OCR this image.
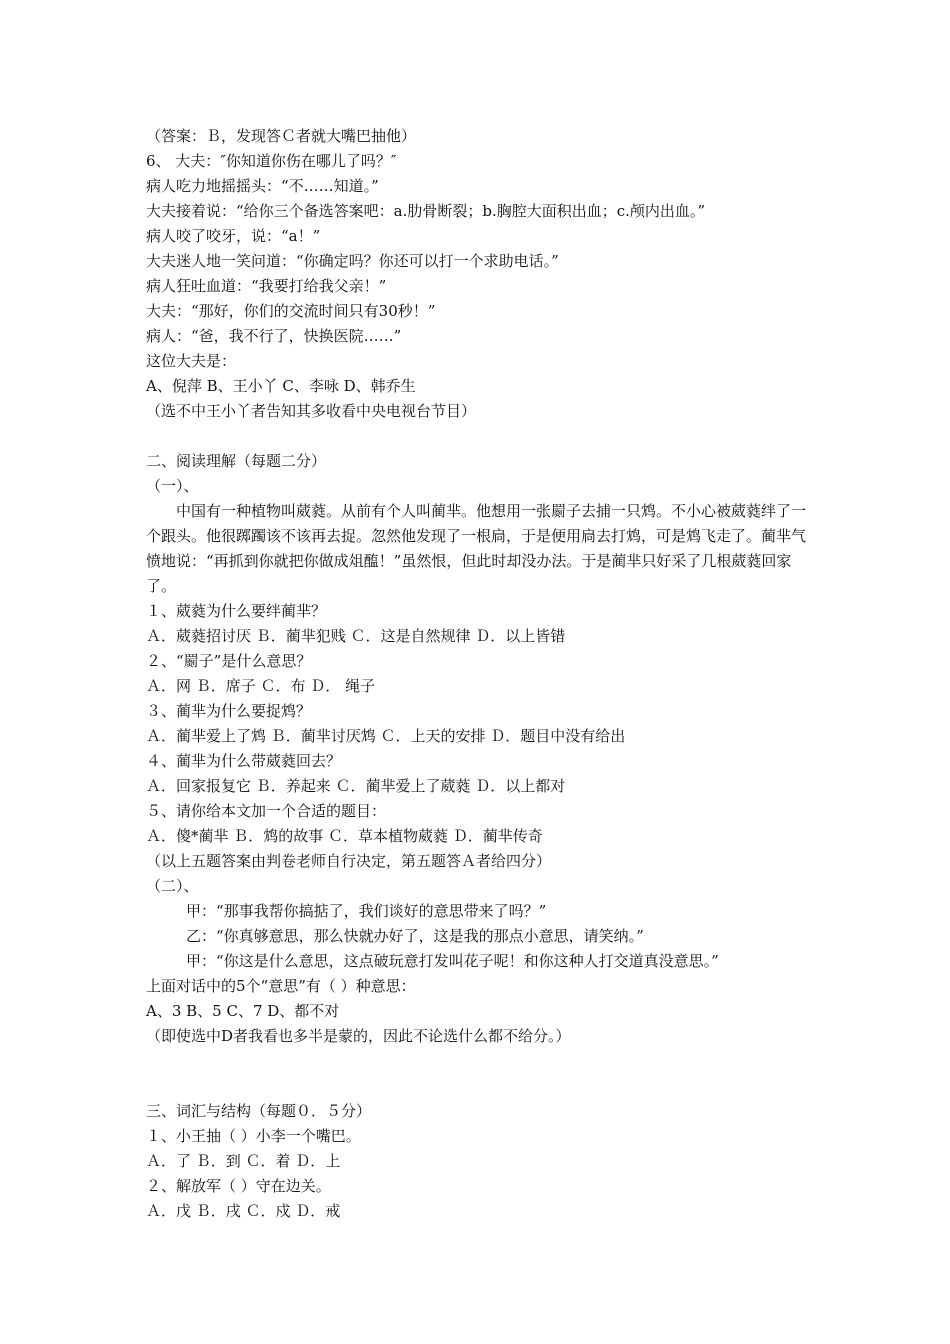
（答案：Ｂ，发现答Ｃ者就大嘴巴抽他）
6、 大夫：″你知道你伤在哪儿了吗？″
病人吃力地摇摇头：“不……知道。”
大夫接着说：“给你三个备选答案吧：a.肋骨断裂；b.胸腔大面积出血；c.颅内出血。”
病人咬了咬牙，说：“a！”
大夫迷人地一笑问道：“你确定吗？你还可以打一个求助电话。”
病人狂吐血道：“我要打给我父亲！”
大夫：“那好，你们的交流时间只有30秒！”
病人：“爸，我不行了，快换医院……”
这位大夫是：
A、倪萍 B、王小丫 C、李咏 D、韩乔生
（选不中王小丫者告知其多收看中央电视台节目）
二、阅读理解（每题二分）
（一）、
中国有一种植物叫葳蕤。从前有个人叫蔺芈。他想用一张罽子去捕一只鸩。不小心被葳蕤绊了一个跟头。他很踯躅该不该再去捉。忽然他发现了一根扃，于是便用扃去打鸩，可是鸩飞走了。蔺芈气愤地说：“再抓到你就把你做成俎醢！”虽然恨，但此时却没办法。于是蔺芈只好采了几根葳蕤回家了。
１、葳蕤为什么要绊蔺芈？
Ａ．葳蕤招讨厌 Ｂ．蔺芈犯贱 Ｃ．这是自然规律 Ｄ．以上皆错
２、“罽子”是什么意思？
Ａ．网 Ｂ．席子 Ｃ．布 Ｄ． 绳子
３、蔺芈为什么要捉鸩？
Ａ．蔺芈爱上了鸩 Ｂ．蔺芈讨厌鸩 Ｃ．上天的安排 Ｄ．题目中没有给出
４、蔺芈为什么带葳蕤回去？
Ａ．回家报复它 Ｂ．养起来 Ｃ．蔺芈爱上了葳蕤 Ｄ．以上都对
５、请你给本文加一个合适的题目：
Ａ．傻*蔺芈 Ｂ．鸩的故事 Ｃ．草本植物葳蕤 Ｄ．蔺芈传奇
（以上五题答案由判卷老师自行决定，第五题答Ａ者给四分）
（二）、
甲：“那事我帮你搞掂了，我们谈好的意思带来了吗？”
乙：“你真够意思，那么快就办好了，这是我的那点小意思，请笑纳。”
甲：“你这是什么意思，这点破玩意打发叫花子呢！和你这种人打交道真没意思。”
上面对话中的5个“意思”有（ ）种意思：
A、3 B、5 C、7 D、都不对
（即使选中D者我看也多半是蒙的，因此不论选什么都不给分。）
三、词汇与结构（每题０．５分）
１、小王抽（ ）小李一个嘴巴。
Ａ．了 Ｂ．到 Ｃ．着 Ｄ．上
２、解放军（ ）守在边关。
Ａ．戊 Ｂ．戌 Ｃ．戍 Ｄ．戒
